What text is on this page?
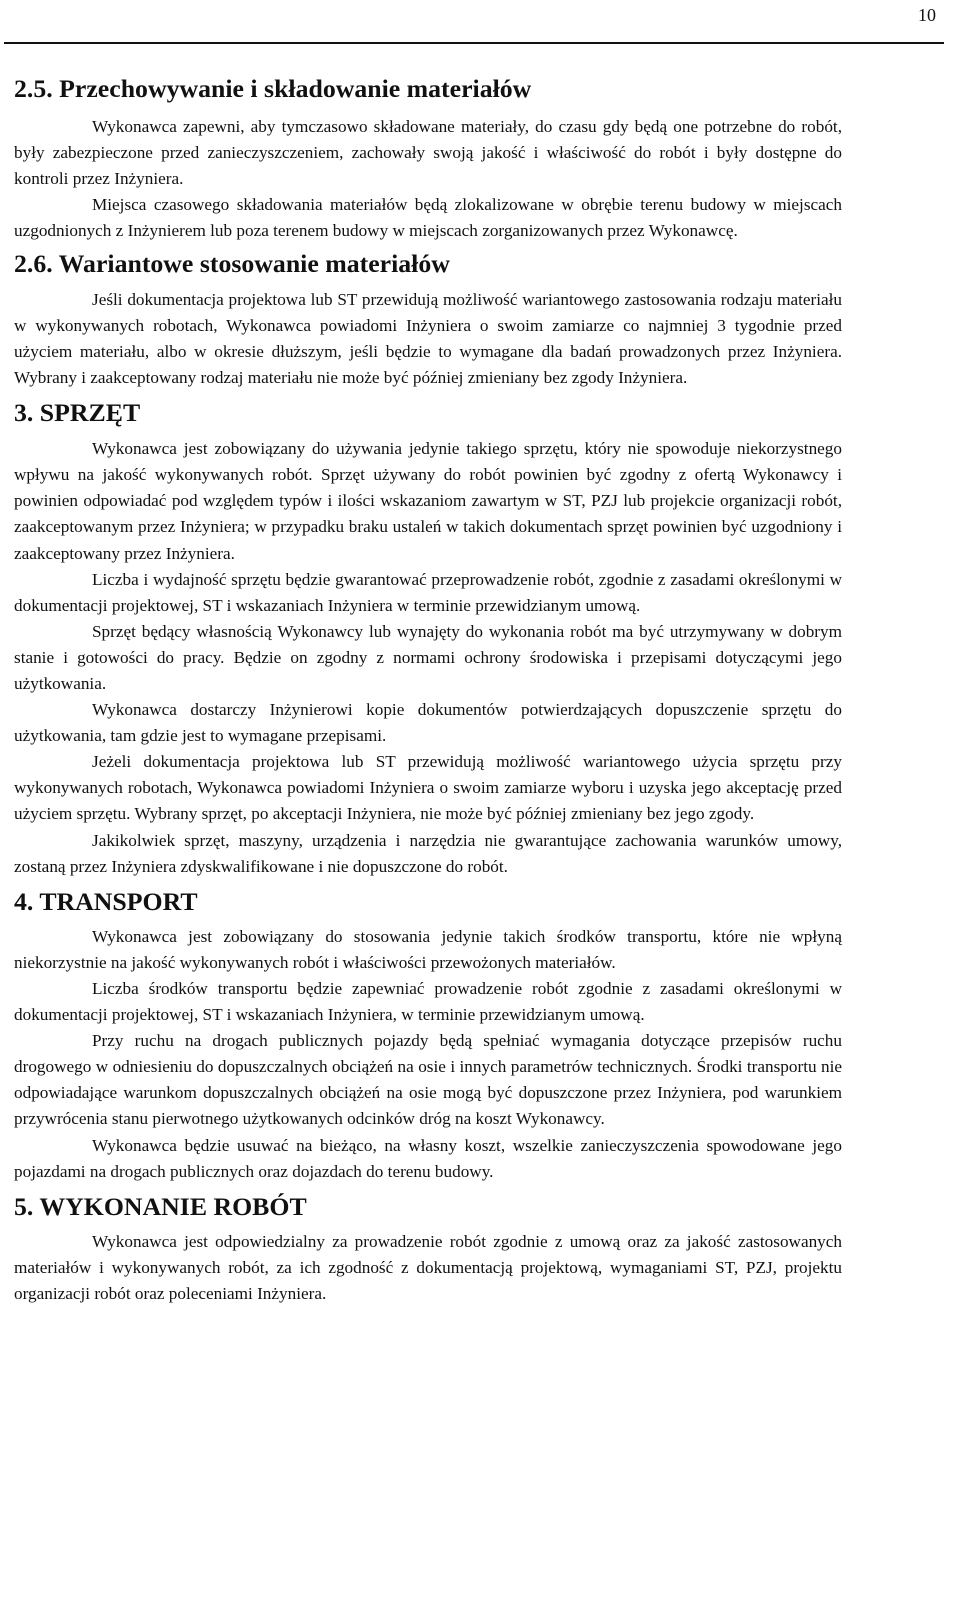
10
2.5. Przechowywanie i składowanie materiałów

Wykonawca zapewni, aby tymczasowo składowane materiały, do czasu gdy będą one potrzebne do robót, były zabezpieczone przed zanieczyszczeniem, zachowały swoją jakość i właściwość do robót i były dostępne do kontroli przez Inżyniera.

Miejsca czasowego składowania materiałów będą zlokalizowane w obrębie terenu budowy w miejscach uzgodnionych z Inżynierem lub poza terenem budowy w miejscach zorganizowanych przez Wykonawcę.

2.6. Wariantowe stosowanie materiałów

Jeśli dokumentacja projektowa lub ST przewidują możliwość wariantowego zastosowania rodzaju materiału w wykonywanych robotach, Wykonawca powiadomi Inżyniera o swoim zamiarze co najmniej 3 tygodnie przed użyciem materiału, albo w okresie dłuższym, jeśli będzie to wymagane dla badań prowadzonych przez Inżyniera. Wybrany i zaakceptowany rodzaj materiału nie może być później zmieniany bez zgody Inżyniera.

3. SPRZĘT

Wykonawca jest zobowiązany do używania jedynie takiego sprzętu, który nie spowoduje niekorzystnego wpływu na jakość wykonywanych robót. Sprzęt używany do robót powinien być zgodny z ofertą Wykonawcy i powinien odpowiadać pod względem typów i ilości wskazaniom zawartym w ST, PZJ lub projekcie organizacji robót, zaakceptowanym przez Inżyniera; w przypadku braku ustaleń w takich dokumentach sprzęt powinien być uzgodniony i zaakceptowany przez Inżyniera.

Liczba i wydajność sprzętu będzie gwarantować przeprowadzenie robót, zgodnie z zasadami określonymi w dokumentacji projektowej, ST i wskazaniach Inżyniera w terminie przewidzianym umową.

Sprzęt będący własnością Wykonawcy lub wynajęty do wykonania robót ma być utrzymywany w dobrym stanie i gotowości do pracy. Będzie on zgodny z normami ochrony środowiska i przepisami dotyczącymi jego użytkowania.

Wykonawca dostarczy Inżynierowi kopie dokumentów potwierdzających dopuszczenie sprzętu do użytkowania, tam gdzie jest to wymagane przepisami.

Jeżeli dokumentacja projektowa lub ST przewidują możliwość wariantowego użycia sprzętu przy wykonywanych robotach, Wykonawca powiadomi Inżyniera o swoim zamiarze wyboru i uzyska jego akceptację przed użyciem sprzętu. Wybrany sprzęt, po akceptacji Inżyniera, nie może być później zmieniany bez jego zgody.

Jakikolwiek sprzęt, maszyny, urządzenia i narzędzia nie gwarantujące zachowania warunków umowy, zostaną przez Inżyniera zdyskwalifikowane i nie dopuszczone do robót.

4. TRANSPORT

Wykonawca jest zobowiązany do stosowania jedynie takich środków transportu, które nie wpłyną niekorzystnie na jakość wykonywanych robót i właściwości przewożonych materiałów.

Liczba środków transportu będzie zapewniać prowadzenie robót zgodnie z zasadami określonymi w dokumentacji projektowej, ST i wskazaniach Inżyniera, w terminie przewidzianym umową.

Przy ruchu na drogach publicznych pojazdy będą spełniać wymagania dotyczące przepisów ruchu drogowego w odniesieniu do dopuszczalnych obciążeń na osie i innych parametrów technicznych. Środki transportu nie odpowiadające warunkom dopuszczalnych obciążeń na osie mogą być dopuszczone przez Inżyniera, pod warunkiem przywrócenia stanu pierwotnego użytkowanych odcinków dróg na koszt Wykonawcy.

Wykonawca będzie usuwać na bieżąco, na własny koszt, wszelkie zanieczyszczenia spowodowane jego pojazdami na drogach publicznych oraz dojazdach do terenu budowy.

5. WYKONANIE ROBÓT

Wykonawca jest odpowiedzialny za prowadzenie robót zgodnie z umową oraz za jakość zastosowanych materiałów i wykonywanych robót, za ich zgodność z dokumentacją projektową, wymaganiami ST, PZJ, projektu organizacji robót oraz poleceniami Inżyniera.
